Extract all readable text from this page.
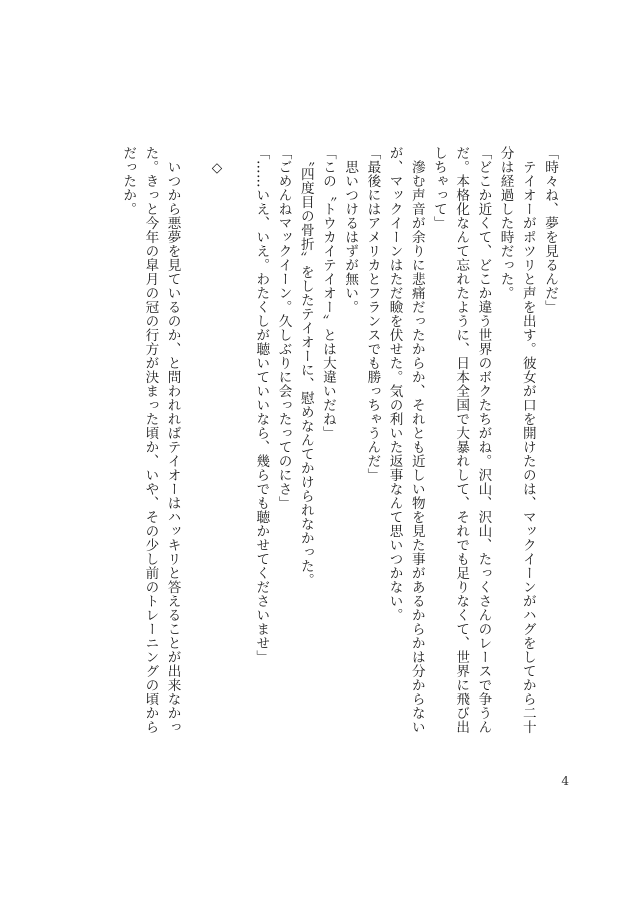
「時々ね、夢を見るんだ」
　テイオーがポツリと声を出す。彼女が口を開けたのは、マックイーンがハグをしてから二十
分は経過した時だった。
「どこか近くて、どこか違う世界のボクたちがね。沢山、沢山、たっくさんのレースで争うん
だ。本格化なんて忘れたように、日本全国で大暴れして、それでも足りなくて、世界に飛び出
しちゃって」
　滲む声音が余りに悲痛だったからか、それとも近しい物を見た事があるからかは分からない
が、マックイーンはただ瞼を伏せた。気の利いた返事なんて思いつかない。
「最後にはアメリカとフランスでも勝っちゃうんだ」
　思いつけるはずが無い。
「この〝トウカイテイオー〟とは大違いだね」
　〝四度目の骨折〟をしたテイオーに、慰めなんてかけられなかった。
「ごめんねマックイーン。久しぶりに会ったってのにさ」
「……いえ、いえ。わたくしが聴いていいなら、幾らでも聴かせてくださいませ」
　◇
　いつから悪夢を見ているのか、と問われればテイオーはハッキリと答えることが出来なかっ
た。きっと今年の皐月の冠の行方が決まった頃か、いや、その少し前のトレーニングの頃から
だったか。
4
